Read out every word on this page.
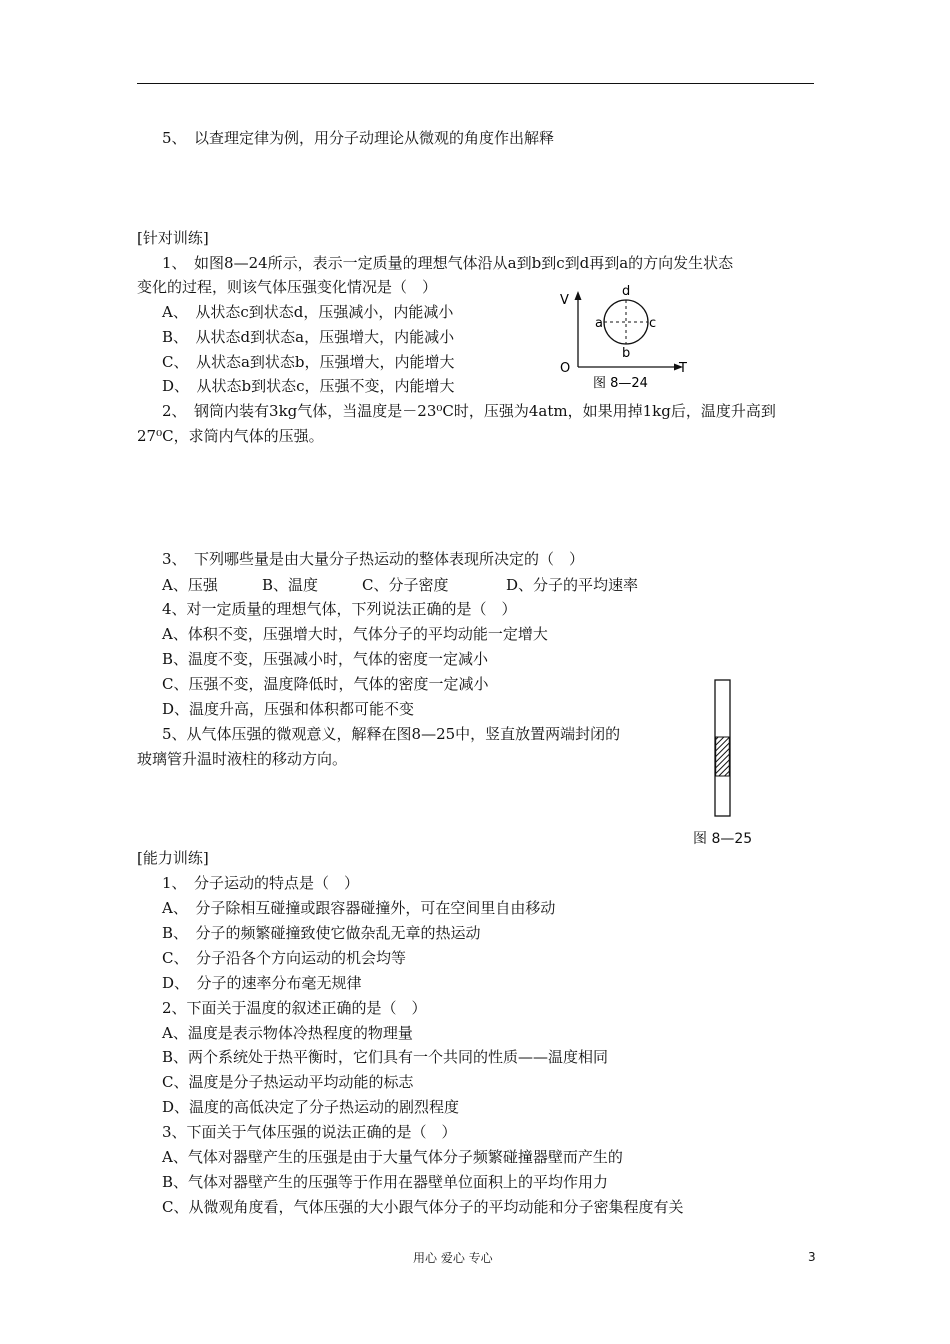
5、　以查理定律为例，用分子动理论从微观的角度作出解释
[针对训练]
1、　如图8—24所示，表示一定质量的理想气体沿从a到b到c到d再到a的方向发生状态
变化的过程，则该气体压强变化情况是（　）
A、　从状态c到状态d，压强减小，内能减小
B、　从状态d到状态a，压强增大，内能减小
C、　从状态a到状态b，压强增大，内能增大
D、　从状态b到状态c，压强不变，内能增大
V
T
O
d
a	c
b
图 8—24
2、　钢筒内装有3kg气体，当温度是－23⁰C时，压强为4atm，如果用掉1kg后，温度升高到
27⁰C，求筒内气体的压强。
3、　下列哪些量是由大量分子热运动的整体表现所决定的（　）
A、压强	B、温度	C、分子密度	D、分子的平均速率
4、对一定质量的理想气体，下列说法正确的是（　）
A、体积不变，压强增大时，气体分子的平均动能一定增大
B、温度不变，压强减小时，气体的密度一定减小
C、压强不变，温度降低时，气体的密度一定减小
D、温度升高，压强和体积都可能不变
5、从气体压强的微观意义，解释在图8—25中，竖直放置两端封闭的
玻璃管升温时液柱的移动方向。
图 8—25
[能力训练]
1、　分子运动的特点是（　）
A、　分子除相互碰撞或跟容器碰撞外，可在空间里自由移动
B、　分子的频繁碰撞致使它做杂乱无章的热运动
C、　分子沿各个方向运动的机会均等
D、　分子的速率分布毫无规律
2、下面关于温度的叙述正确的是（　）
A、温度是表示物体冷热程度的物理量
B、两个系统处于热平衡时，它们具有一个共同的性质——温度相同
C、温度是分子热运动平均动能的标志
D、温度的高低决定了分子热运动的剧烈程度
3、下面关于气体压强的说法正确的是（　）
A、气体对器壁产生的压强是由于大量气体分子频繁碰撞器壁而产生的
B、气体对器壁产生的压强等于作用在器壁单位面积上的平均作用力
C、从微观角度看，气体压强的大小跟气体分子的平均动能和分子密集程度有关
用心 爱心 专心	3
